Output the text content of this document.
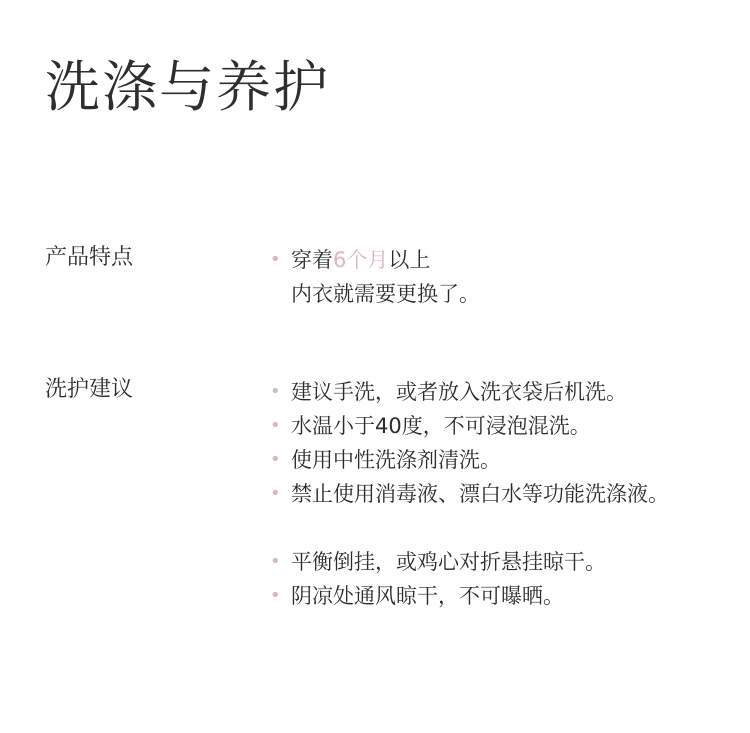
洗涤与养护
产品特点	• 穿着6个月以上
内衣就需要更换了。
洗护建议	• 建议手洗，或者放入洗衣袋后机洗。
• 水温小于40度，不可浸泡混洗。
• 使用中性洗涤剂清洗。
• 禁止使用消毒液、漂白水等功能洗涤液。
• 平衡倒挂，或鸡心对折悬挂晾干。
• 阴凉处通风晾干，不可曝晒。
